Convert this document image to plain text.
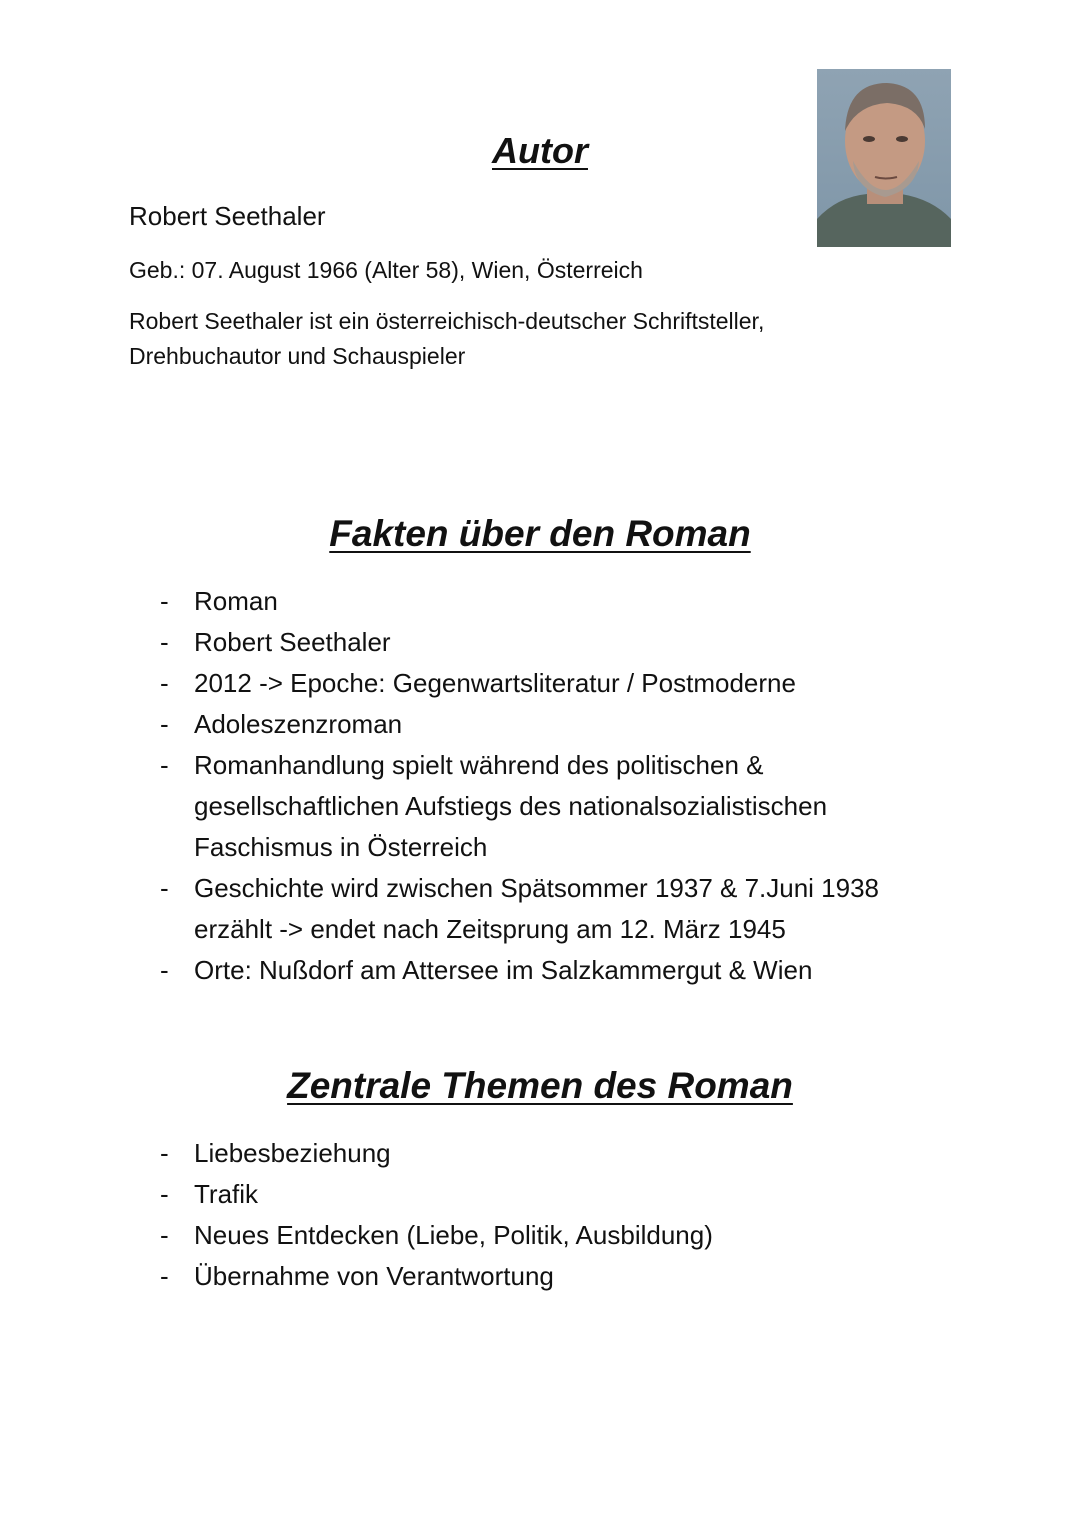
Autor

Robert Seethaler

Geb.: 07. August 1966 (Alter 58), Wien, Österreich

Robert Seethaler ist ein österreichisch-deutscher Schriftsteller,

Drehbuchautor und Schauspieler

Fakten über den Roman
- Roman
- Robert Seethaler
- 2012 -> Epoche: Gegenwartsliteratur / Postmoderne
- Adoleszenzroman
- Romanhandlung spielt während des politischen & gesellschaftlichen Aufstiegs des nationalsozialistischen Faschismus in Österreich
- Geschichte wird zwischen Spätsommer 1937 & 7.Juni 1938 erzählt -> endet nach Zeitsprung am 12. März 1945
- Orte: Nußdorf am Attersee im Salzkammergut & Wien
Zentrale Themen des Roman
- Liebesbeziehung
- Trafik
- Neues Entdecken (Liebe, Politik, Ausbildung)
- Übernahme von Verantwortung
